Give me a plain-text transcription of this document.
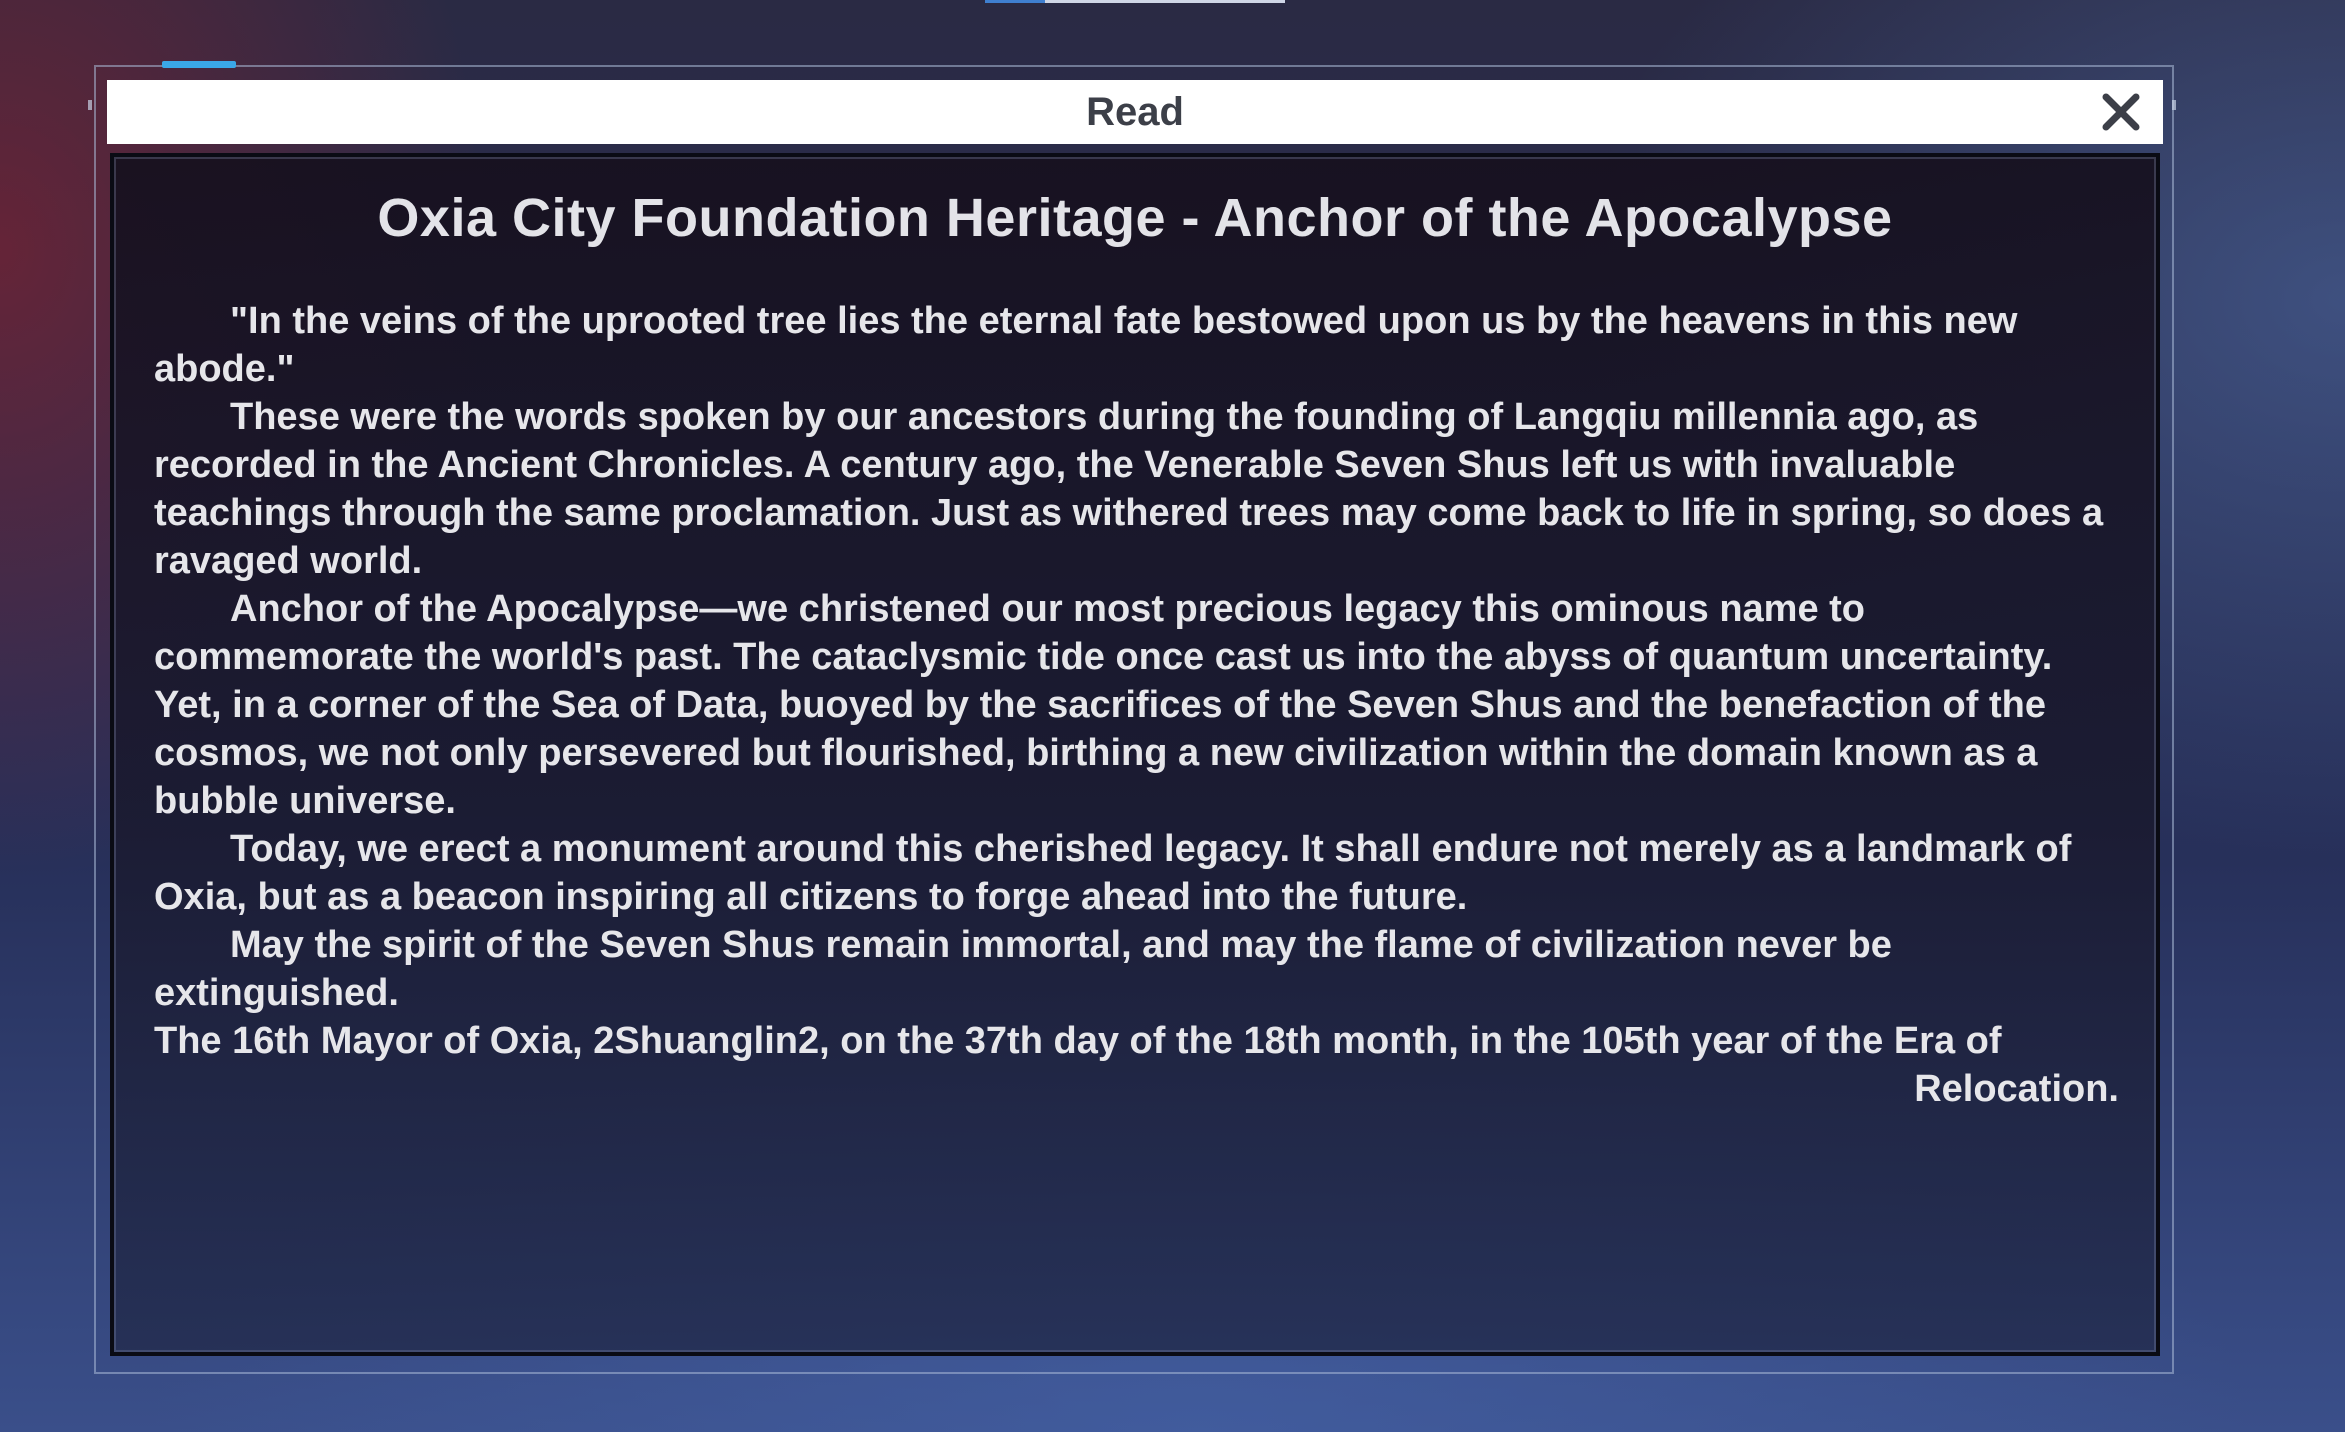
Read
Oxia City Foundation Heritage - Anchor of the Apocalypse

"In the veins of the uprooted tree lies the eternal fate bestowed upon us by the heavens in this new abode."

These were the words spoken by our ancestors during the founding of Langqiu millennia ago, as recorded in the Ancient Chronicles. A century ago, the Venerable Seven Shus left us with invaluable teachings through the same proclamation. Just as withered trees may come back to life in spring, so does a ravaged world.

Anchor of the Apocalypse—we christened our most precious legacy this ominous name to commemorate the world's past. The cataclysmic tide once cast us into the abyss of quantum uncertainty. Yet, in a corner of the Sea of Data, buoyed by the sacrifices of the Seven Shus and the benefaction of the cosmos, we not only persevered but flourished, birthing a new civilization within the domain known as a bubble universe.

Today, we erect a monument around this cherished legacy. It shall endure not merely as a landmark of Oxia, but as a beacon inspiring all citizens to forge ahead into the future.

May the spirit of the Seven Shus remain immortal, and may the flame of civilization never be extinguished.

The 16th Mayor of Oxia, 2Shuanglin2, on the 37th day of the 18th month, in the 105th year of the Era of
Relocation.
